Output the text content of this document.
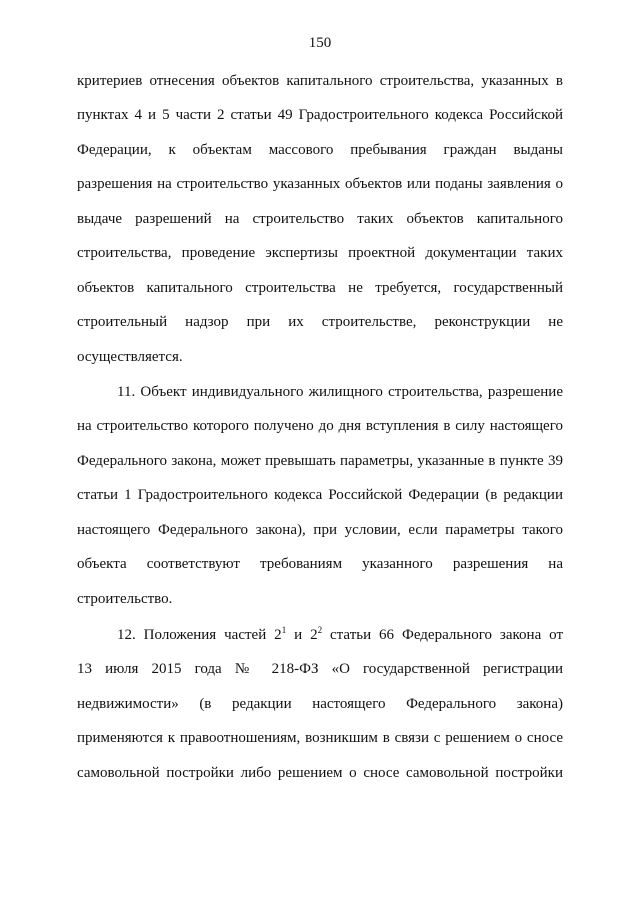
150
критериев отнесения объектов капитального строительства, указанных в
пунктах 4 и 5 части 2 статьи 49 Градостроительного кодекса Российской
Федерации, к объектам массового пребывания граждан выданы
разрешения на строительство указанных объектов или поданы заявления о
выдаче разрешений на строительство таких объектов капитального
строительства, проведение экспертизы проектной документации таких
объектов капитального строительства не требуется, государственный
строительный надзор при их строительстве, реконструкции не
осуществляется.
11. Объект индивидуального жилищного строительства, разрешение
на строительство которого получено до дня вступления в силу настоящего
Федерального закона, может превышать параметры, указанные в пункте 39
статьи 1 Градостроительного кодекса Российской Федерации (в редакции
настоящего Федерального закона), при условии, если параметры такого
объекта соответствуют требованиям указанного разрешения на
строительство.
12. Положения частей $2^1$ и $2^2$ статьи 66 Федерального закона от
13 июля 2015 года № 218-ФЗ «О государственной регистрации
недвижимости» (в редакции настоящего Федерального закона)
применяются к правоотношениям, возникшим в связи с решением о сносе
самовольной постройки либо решением о сносе самовольной постройки
